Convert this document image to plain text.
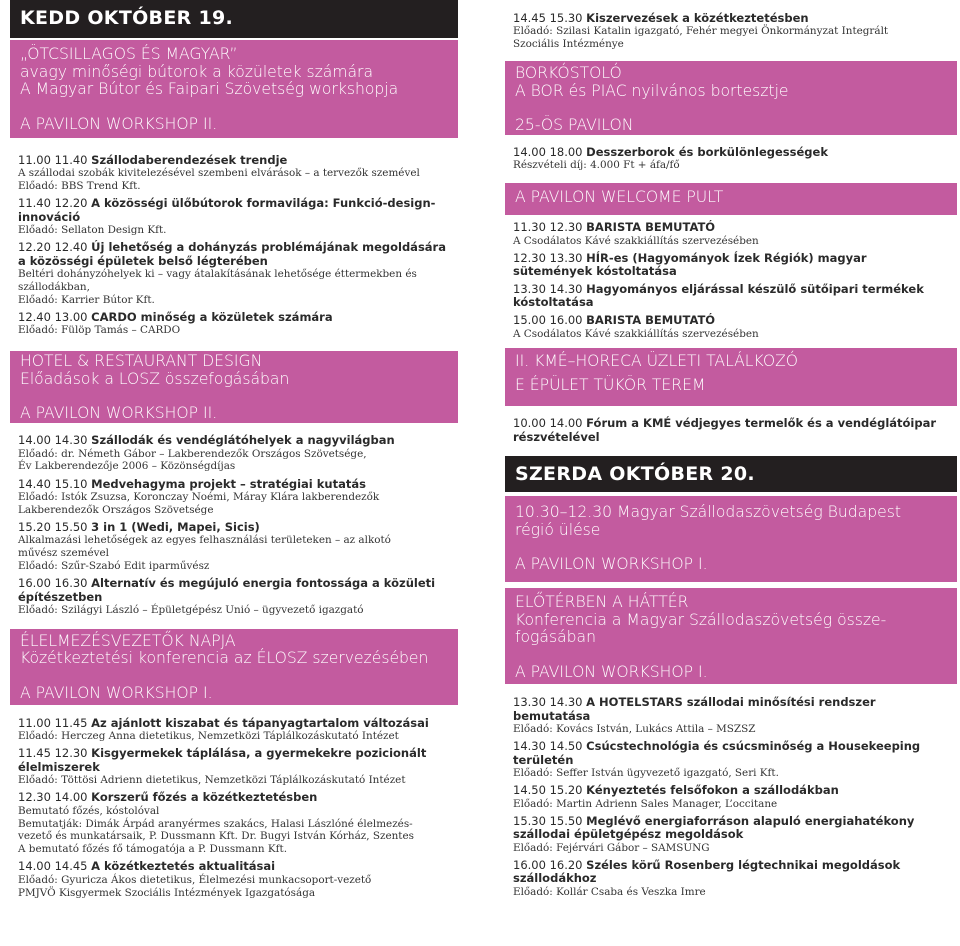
KEDD OKTÓBER 19.
„ÖTCSILLAGOS ÉS MAGYAR”
avagy minőségi bútorok a közületek számára
A Magyar Bútor és Faipari Szövetség workshopja
A PAVILON WORKSHOP II.
11.00 11.40 Szállodaberendezések trendje
A szállodai szobák kivitelezésével szembeni elvárások – a tervezők szemével
Előadó: BBS Trend Kft.
11.40 12.20 A közösségi ülőbútorok formavilága: Funkció-design-
innováció
Előadó: Sellaton Design Kft.
12.20 12.40 Új lehetőség a dohányzás problémájának megoldására
a közösségi épületek belső légterében
Beltéri dohányzóhelyek ki – vagy átalakításának lehetősége éttermekben és
szállodákban,
Előadó: Karrier Bútor Kft.
12.40 13.00 CARDO minőség a közületek számára
Előadó: Fülöp Tamás – CARDO
HOTEL & RESTAURANT DESIGN
Előadások a LOSZ összefogásában
A PAVILON WORKSHOP II.
14.00 14.30 Szállodák és vendéglátóhelyek a nagyvilágban
Előadó: dr. Németh Gábor – Lakberendezők Országos Szövetsége,
Év Lakberendezője 2006 – Közönségdíjas
14.40 15.10 Medvehagyma projekt – stratégiai kutatás
Előadó: Istók Zsuzsa, Koronczay Noémi, Máray Klára lakberendezők
Lakberendezők Országos Szövetsége
15.20 15.50 3 in 1 (Wedi, Mapei, Sicis)
Alkalmazási lehetőségek az egyes felhasználási területeken – az alkotó
művész szemével
Előadó: Szűr-Szabó Edit iparművész
16.00 16.30 Alternatív és megújuló energia fontossága a közületi
építészetben
Előadó: Szilágyi László – Épületgépész Unió – ügyvezető igazgató
ÉLELMEZÉSVEZETŐK NAPJA
Közétkeztetési konferencia az ÉLOSZ szervezésében
A PAVILON WORKSHOP I.
11.00 11.45 Az ajánlott kiszabat és tápanyagtartalom változásai
Előadó: Herczeg Anna dietetikus, Nemzetközi Táplálkozáskutató Intézet
11.45 12.30 Kisgyermekek táplálása, a gyermekekre pozicionált
élelmiszerek
Előadó: Töttösi Adrienn dietetikus, Nemzetközi Táplálkozáskutató Intézet
12.30 14.00 Korszerű főzés a közétkeztetésben
Bemutató főzés, kóstolóval
Bemutatják: Dimák Árpád aranyérmes szakács, Halasi Lászlóné élelmezés-
vezető és munkatársaik, P. Dussmann Kft. Dr. Bugyi István Kórház, Szentes
A bemutató főzés fő támogatója a P. Dussmann Kft.
14.00 14.45 A közétkeztetés aktualitásai
Előadó: Gyuricza Ákos dietetikus, Élelmezési munkacsoport-vezető
PMJVÖ Kisgyermek Szociális Intézmények Igazgatósága
14.45 15.30 Kiszervezések a közétkeztetésben
Előadó: Szilasi Katalin igazgató, Fehér megyei Önkormányzat Integrált
Szociális Intézménye
BORKÓSTOLÓ
A BOR és PIAC nyilvános bortesztje
25-ÖS PAVILON
14.00 18.00 Desszerborok és borkülönlegességek
Részvételi díj: 4.000 Ft + áfa/fő
A PAVILON WELCOME PULT
11.30 12.30 BARISTA BEMUTATÓ
A Csodálatos Kávé szakkiállítás szervezésében
12.30 13.30 HÍR-es (Hagyományok Ízek Régiók) magyar
sütemények kóstoltatása
13.30 14.30 Hagyományos eljárással készülő sütőipari termékek
kóstoltatása
15.00 16.00 BARISTA BEMUTATÓ
A Csodálatos Kávé szakkiállítás szervezésében
II. KMÉ–HORECA ÜZLETI TALÁLKOZÓ
E ÉPÜLET TÜKÖR TEREM
10.00 14.00 Fórum a KMÉ védjegyes termelők és a vendéglátóipar
részvételével
SZERDA OKTÓBER 20.
10.30–12.30 Magyar Szállodaszövetség Budapest
régió ülése
A PAVILON WORKSHOP I.
ELŐTÉRBEN A HÁTTÉR
Konferencia a Magyar Szállodaszövetség össze-
fogásában
A PAVILON WORKSHOP I.
13.30 14.30 A HOTELSTARS szállodai minősítési rendszer bemutatása
Előadó: Kovács István, Lukács Attila – MSZSZ
14.30 14.50 Csúcstechnológia és csúcsminőség a Housekeeping
területén
Előadó: Seffer István ügyvezető igazgató, Seri Kft.
14.50 15.20 Kényeztetés felsőfokon a szállodákban
Előadó: Martin Adrienn Sales Manager, L’occitane
15.30 15.50 Meglévő energiaforráson alapuló energiahatékony
szállodai épületgépész megoldások
Előadó: Fejérvári Gábor – SAMSUNG
16.00 16.20 Széles körű Rosenberg légtechnikai megoldások
szállodákhoz
Előadó: Kollár Csaba és Veszka Imre
